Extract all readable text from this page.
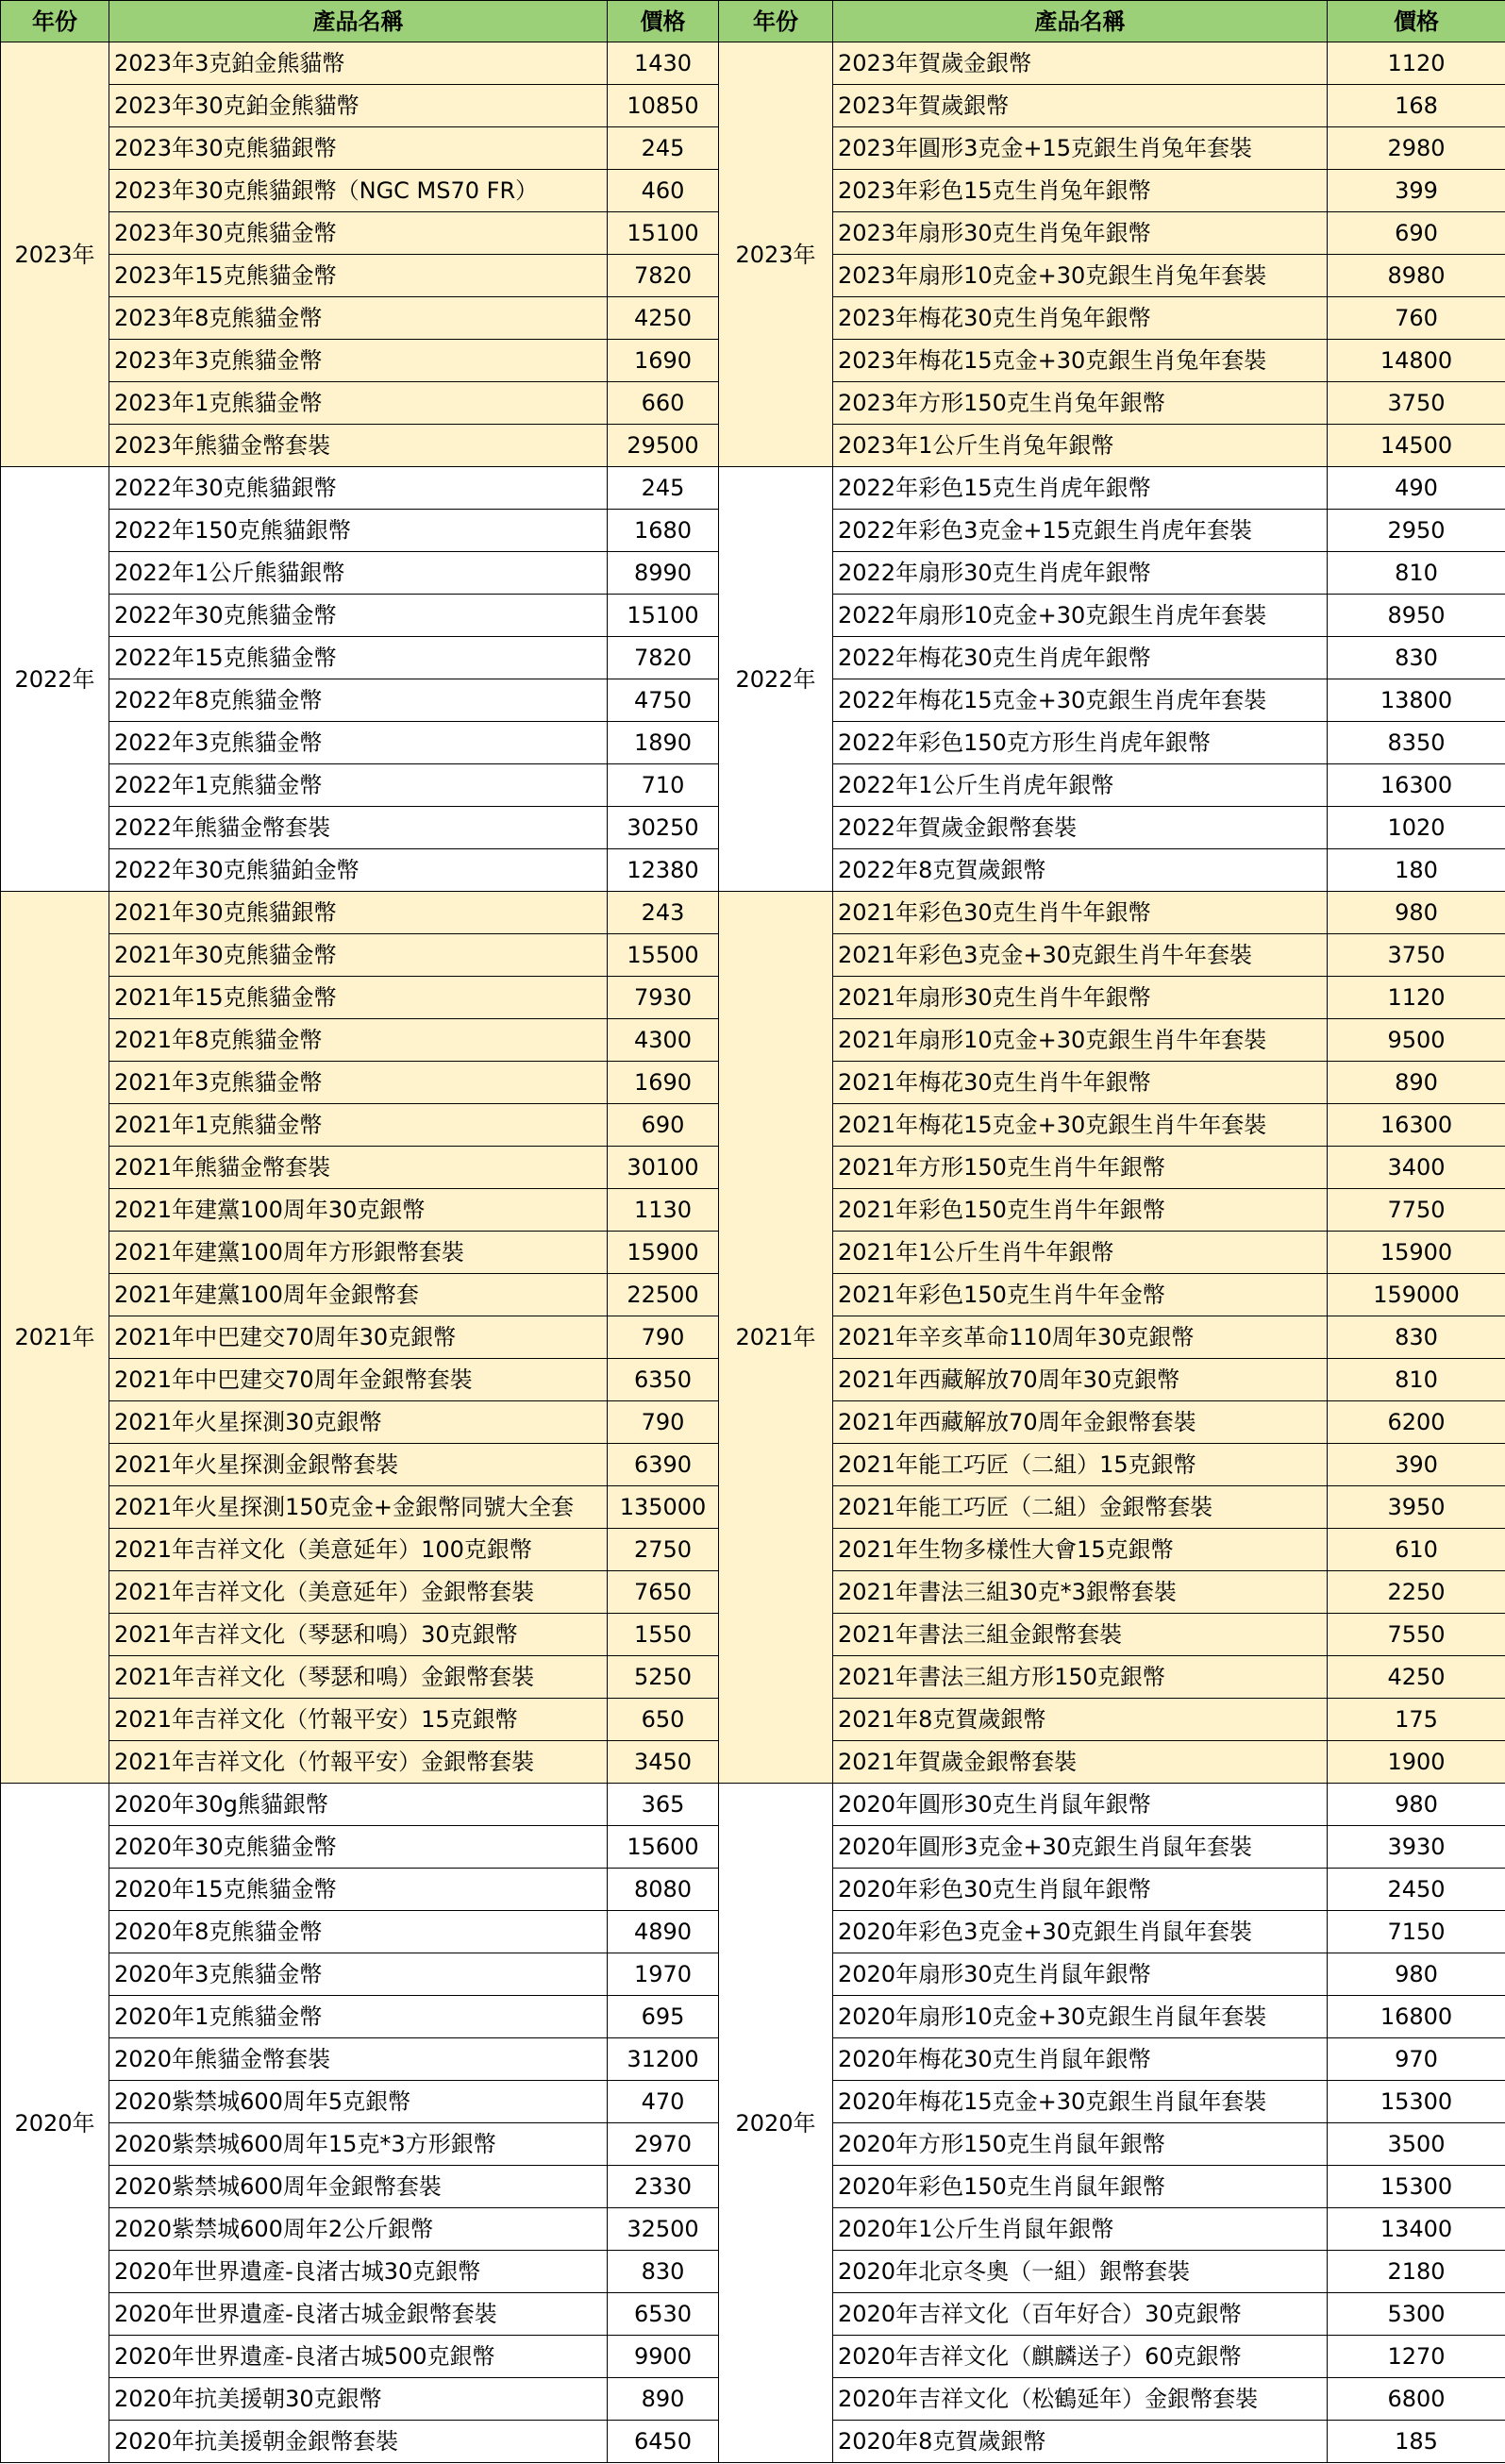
年份	產品名稱	價格	年份	產品名稱	價格
2023年	2023年3克鉑金熊貓幣	1430	2023年	2023年賀歲金銀幣	1120
	2023年30克鉑金熊貓幣	10850		2023年賀歲銀幣	168
	2023年30克熊貓銀幣	245		2023年圓形3克金+15克銀生肖兔年套裝	2980
	2023年30克熊貓銀幣（NGC MS70 FR）	460		2023年彩色15克生肖兔年銀幣	399
	2023年30克熊貓金幣	15100		2023年扇形30克生肖兔年銀幣	690
	2023年15克熊貓金幣	7820		2023年扇形10克金+30克銀生肖兔年套裝	8980
	2023年8克熊貓金幣	4250		2023年梅花30克生肖兔年銀幣	760
	2023年3克熊貓金幣	1690		2023年梅花15克金+30克銀生肖兔年套裝	14800
	2023年1克熊貓金幣	660		2023年方形150克生肖兔年銀幣	3750
	2023年熊貓金幣套裝	29500		2023年1公斤生肖兔年銀幣	14500
2022年	2022年30克熊貓銀幣	245	2022年	2022年彩色15克生肖虎年銀幣	490
	2022年150克熊貓銀幣	1680		2022年彩色3克金+15克銀生肖虎年套裝	2950
	2022年1公斤熊貓銀幣	8990		2022年扇形30克生肖虎年銀幣	810
	2022年30克熊貓金幣	15100		2022年扇形10克金+30克銀生肖虎年套裝	8950
	2022年15克熊貓金幣	7820		2022年梅花30克生肖虎年銀幣	830
	2022年8克熊貓金幣	4750		2022年梅花15克金+30克銀生肖虎年套裝	13800
	2022年3克熊貓金幣	1890		2022年彩色150克方形生肖虎年銀幣	8350
	2022年1克熊貓金幣	710		2022年1公斤生肖虎年銀幣	16300
	2022年熊貓金幣套裝	30250		2022年賀歲金銀幣套裝	1020
	2022年30克熊貓鉑金幣	12380		2022年8克賀歲銀幣	180
2021年	2021年30克熊貓銀幣	243	2021年	2021年彩色30克生肖牛年銀幣	980
	2021年30克熊貓金幣	15500		2021年彩色3克金+30克銀生肖牛年套裝	3750
	2021年15克熊貓金幣	7930		2021年扇形30克生肖牛年銀幣	1120
	2021年8克熊貓金幣	4300		2021年扇形10克金+30克銀生肖牛年套裝	9500
	2021年3克熊貓金幣	1690		2021年梅花30克生肖牛年銀幣	890
	2021年1克熊貓金幣	690		2021年梅花15克金+30克銀生肖牛年套裝	16300
	2021年熊貓金幣套裝	30100		2021年方形150克生肖牛年銀幣	3400
	2021年建黨100周年30克銀幣	1130		2021年彩色150克生肖牛年銀幣	7750
	2021年建黨100周年方形銀幣套裝	15900		2021年1公斤生肖牛年銀幣	15900
	2021年建黨100周年金銀幣套	22500		2021年彩色150克生肖牛年金幣	159000
	2021年中巴建交70周年30克銀幣	790		2021年辛亥革命110周年30克銀幣	830
	2021年中巴建交70周年金銀幣套裝	6350		2021年西藏解放70周年30克銀幣	810
	2021年火星探測30克銀幣	790		2021年西藏解放70周年金銀幣套裝	6200
	2021年火星探測金銀幣套裝	6390		2021年能工巧匠（二組）15克銀幣	390
	2021年火星探測150克金+金銀幣同號大全套	135000		2021年能工巧匠（二組）金銀幣套裝	3950
	2021年吉祥文化（美意延年）100克銀幣	2750		2021年生物多樣性大會15克銀幣	610
	2021年吉祥文化（美意延年）金銀幣套裝	7650		2021年書法三組30克*3銀幣套裝	2250
	2021年吉祥文化（琴瑟和鳴）30克銀幣	1550		2021年書法三組金銀幣套裝	7550
	2021年吉祥文化（琴瑟和鳴）金銀幣套裝	5250		2021年書法三組方形150克銀幣	4250
	2021年吉祥文化（竹報平安）15克銀幣	650		2021年8克賀歲銀幣	175
	2021年吉祥文化（竹報平安）金銀幣套裝	3450		2021年賀歲金銀幣套裝	1900
2020年	2020年30g熊貓銀幣	365	2020年	2020年圓形30克生肖鼠年銀幣	980
	2020年30克熊貓金幣	15600		2020年圓形3克金+30克銀生肖鼠年套裝	3930
	2020年15克熊貓金幣	8080		2020年彩色30克生肖鼠年銀幣	2450
	2020年8克熊貓金幣	4890		2020年彩色3克金+30克銀生肖鼠年套裝	7150
	2020年3克熊貓金幣	1970		2020年扇形30克生肖鼠年銀幣	980
	2020年1克熊貓金幣	695		2020年扇形10克金+30克銀生肖鼠年套裝	16800
	2020年熊貓金幣套裝	31200		2020年梅花30克生肖鼠年銀幣	970
	2020紫禁城600周年5克銀幣	470		2020年梅花15克金+30克銀生肖鼠年套裝	15300
	2020紫禁城600周年15克*3方形銀幣	2970		2020年方形150克生肖鼠年銀幣	3500
	2020紫禁城600周年金銀幣套裝	2330		2020年彩色150克生肖鼠年銀幣	15300
	2020紫禁城600周年2公斤銀幣	32500		2020年1公斤生肖鼠年銀幣	13400
	2020年世界遺產-良渚古城30克銀幣	830		2020年北京冬奧（一組）銀幣套裝	2180
	2020年世界遺產-良渚古城金銀幣套裝	6530		2020年吉祥文化（百年好合）30克銀幣	5300
	2020年世界遺產-良渚古城500克銀幣	9900		2020年吉祥文化（麒麟送子）60克銀幣	1270
	2020年抗美援朝30克銀幣	890		2020年吉祥文化（松鶴延年）金銀幣套裝	6800
	2020年抗美援朝金銀幣套裝	6450		2020年8克賀歲銀幣	185
